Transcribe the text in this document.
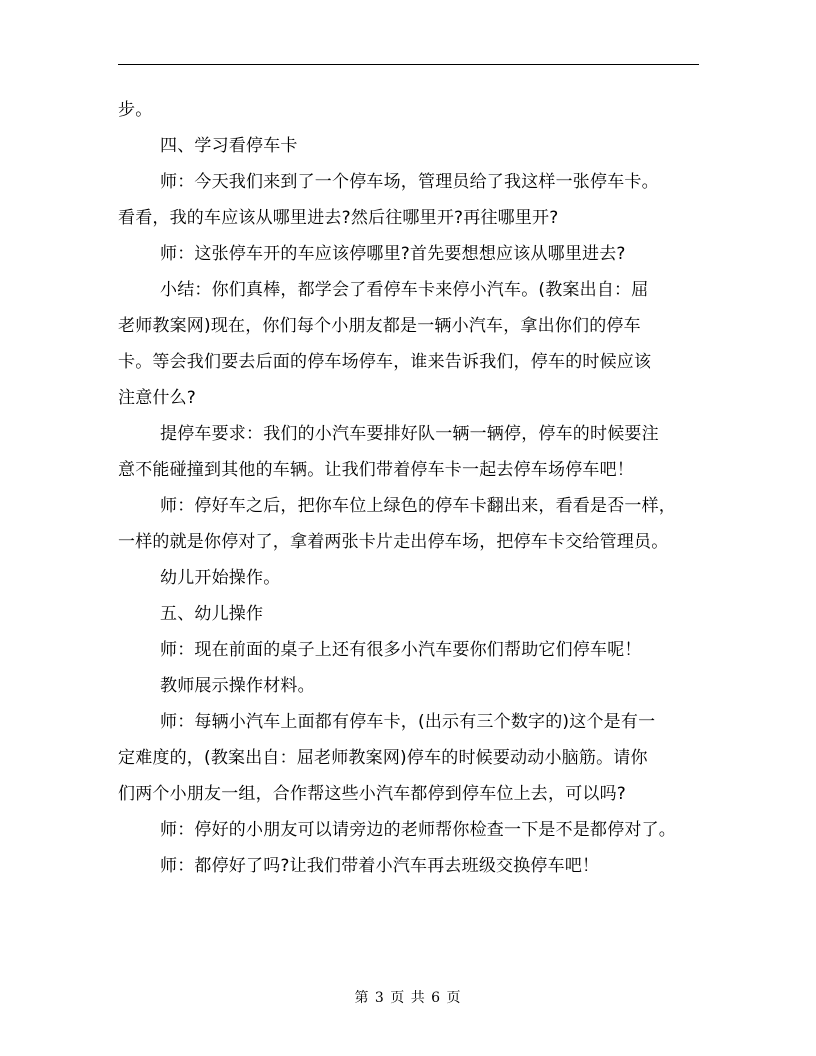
步。
四、学习看停车卡
师：今天我们来到了一个停车场，管理员给了我这样一张停车卡。
看看，我的车应该从哪里进去?然后往哪里开?再往哪里开?
师：这张停车开的车应该停哪里?首先要想想应该从哪里进去?
小结：你们真棒，都学会了看停车卡来停小汽车。(教案出自：屈
老师教案网)现在，你们每个小朋友都是一辆小汽车，拿出你们的停车
卡。等会我们要去后面的停车场停车，谁来告诉我们，停车的时候应该
注意什么?
提停车要求：我们的小汽车要排好队一辆一辆停，停车的时候要注
意不能碰撞到其他的车辆。让我们带着停车卡一起去停车场停车吧！
师：停好车之后，把你车位上绿色的停车卡翻出来，看看是否一样，
一样的就是你停对了，拿着两张卡片走出停车场，把停车卡交给管理员。
幼儿开始操作。
五、幼儿操作
师：现在前面的桌子上还有很多小汽车要你们帮助它们停车呢！
教师展示操作材料。
师：每辆小汽车上面都有停车卡，(出示有三个数字的)这个是有一
定难度的，(教案出自：屈老师教案网)停车的时候要动动小脑筋。请你
们两个小朋友一组，合作帮这些小汽车都停到停车位上去，可以吗?
师：停好的小朋友可以请旁边的老师帮你检查一下是不是都停对了。
师：都停好了吗?让我们带着小汽车再去班级交换停车吧！
第 3 页 共 6 页
